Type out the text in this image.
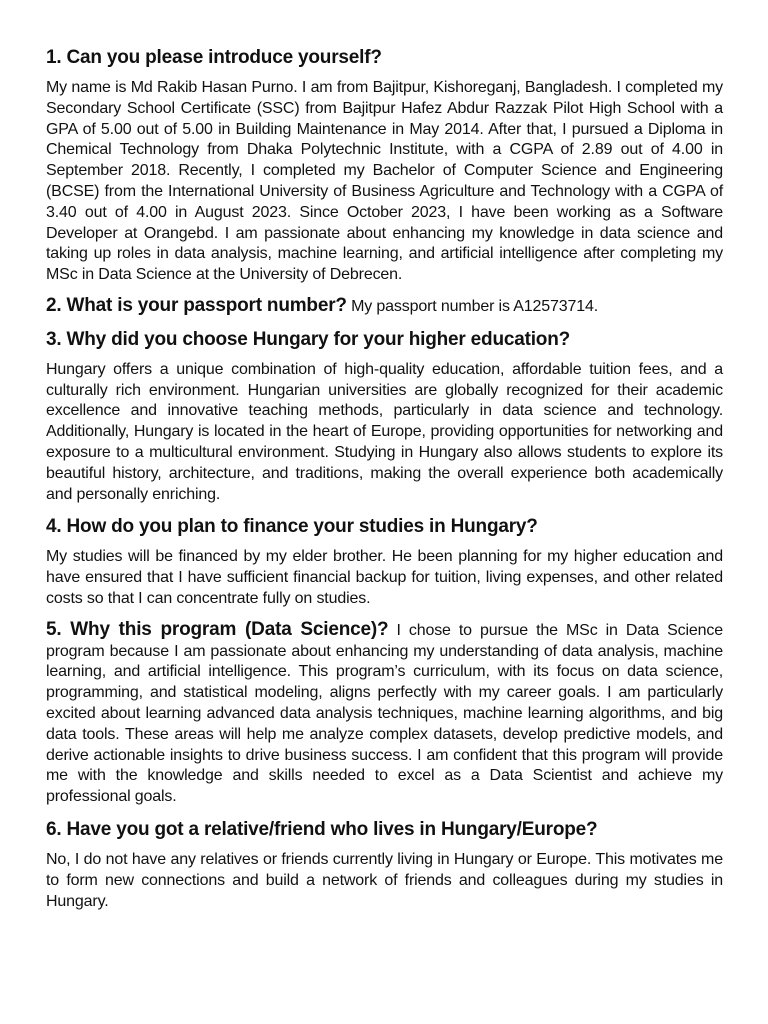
1. Can you please introduce yourself?

My name is Md Rakib Hasan Purno. I am from Bajitpur, Kishoreganj, Bangladesh. I completed my Secondary School Certificate (SSC) from Bajitpur Hafez Abdur Razzak Pilot High School with a GPA of 5.00 out of 5.00 in Building Maintenance in May 2014. After that, I pursued a Diploma in Chemical Technology from Dhaka Polytechnic Institute, with a CGPA of 2.89 out of 4.00 in September 2018. Recently, I completed my Bachelor of Computer Science and Engineering (BCSE) from the International University of Business Agriculture and Technology with a CGPA of 3.40 out of 4.00 in August 2023. Since October 2023, I have been working as a Software Developer at Orangebd. I am passionate about enhancing my knowledge in data science and taking up roles in data analysis, machine learning, and artificial intelligence after completing my MSc in Data Science at the University of Debrecen.

2. What is your passport number? My passport number is A12573714.

3. Why did you choose Hungary for your higher education?

Hungary offers a unique combination of high-quality education, affordable tuition fees, and a culturally rich environment. Hungarian universities are globally recognized for their academic excellence and innovative teaching methods, particularly in data science and technology. Additionally, Hungary is located in the heart of Europe, providing opportunities for networking and exposure to a multicultural environment. Studying in Hungary also allows students to explore its beautiful history, architecture, and traditions, making the overall experience both academically and personally enriching.

4. How do you plan to finance your studies in Hungary?

My studies will be financed by my elder brother. He been planning for my higher education and have ensured that I have sufficient financial backup for tuition, living expenses, and other related costs so that I can concentrate fully on studies.

5. Why this program (Data Science)? I chose to pursue the MSc in Data Science program because I am passionate about enhancing my understanding of data analysis, machine learning, and artificial intelligence. This program’s curriculum, with its focus on data science, programming, and statistical modeling, aligns perfectly with my career goals. I am particularly excited about learning advanced data analysis techniques, machine learning algorithms, and big data tools. These areas will help me analyze complex datasets, develop predictive models, and derive actionable insights to drive business success. I am confident that this program will provide me with the knowledge and skills needed to excel as a Data Scientist and achieve my professional goals.

6. Have you got a relative/friend who lives in Hungary/Europe?

No, I do not have any relatives or friends currently living in Hungary or Europe. This motivates me to form new connections and build a network of friends and colleagues during my studies in Hungary.
